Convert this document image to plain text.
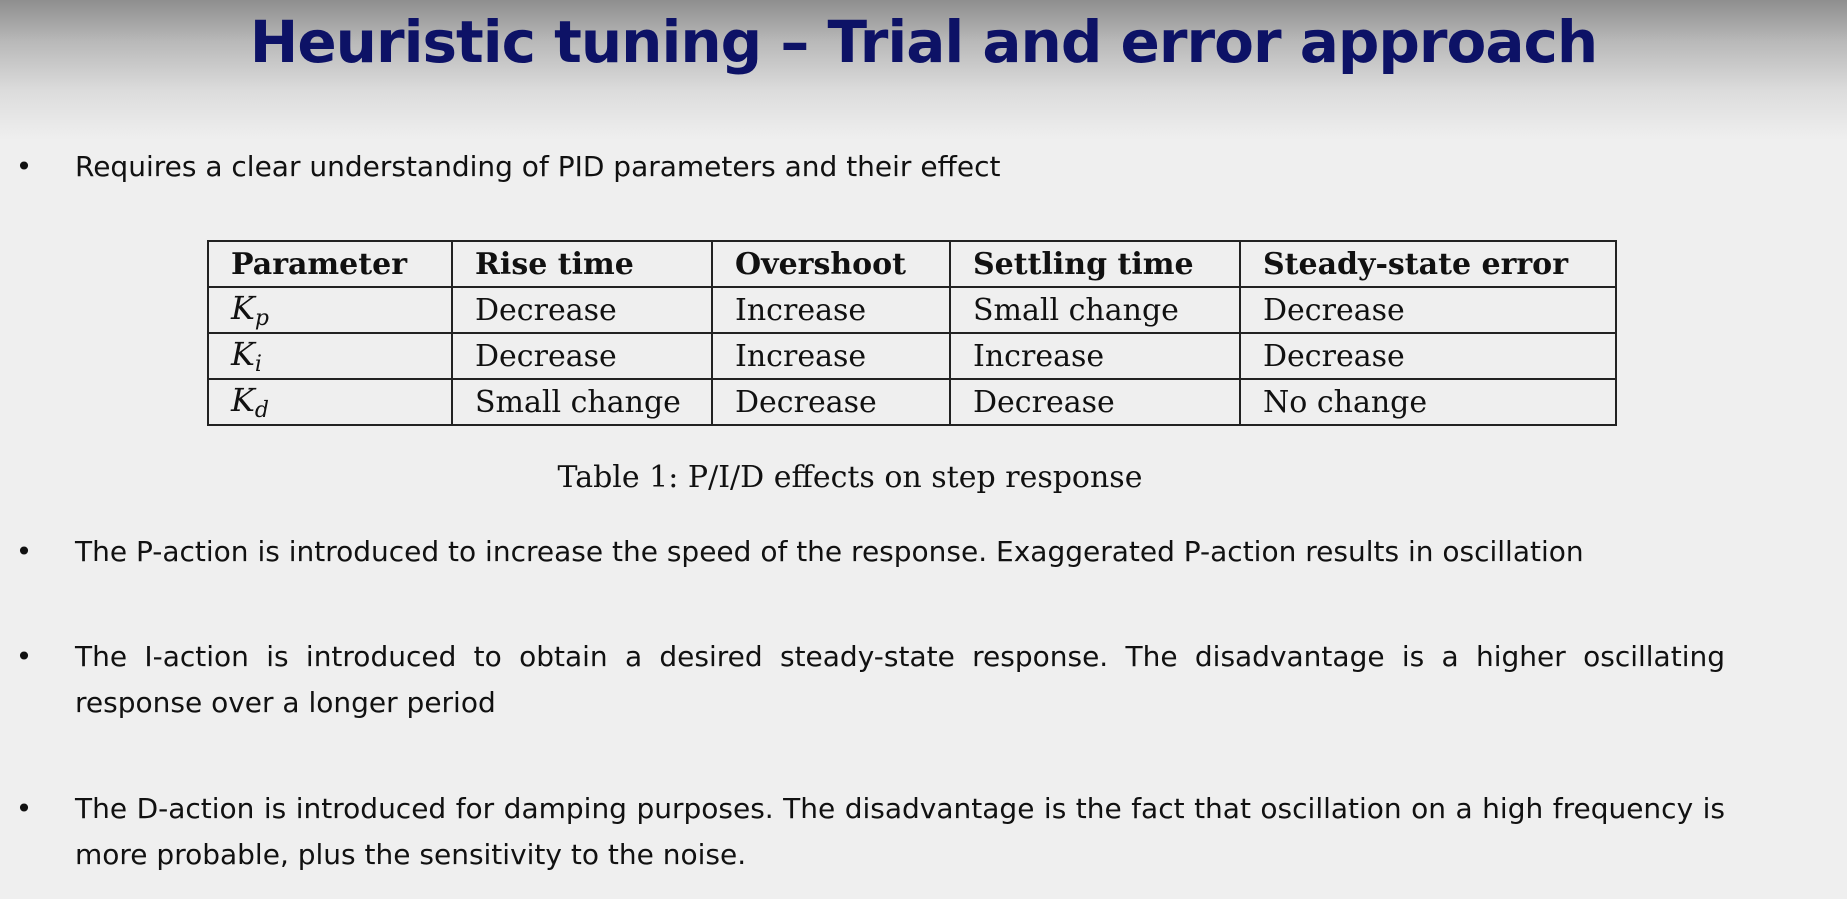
Heuristic tuning – Trial and error approach
• Requires a clear understanding of PID parameters and their effect
Parameter	Rise time	Overshoot	Settling time	Steady-state error
$K_p$	Decrease	Increase	Small change	Decrease
$K_i$	Decrease	Increase	Increase	Decrease
$K_d$	Small change	Decrease	Decrease	No change
Table 1: P/I/D effects on step response
• The P-action is introduced to increase the speed of the response. Exaggerated P-action results in oscillation
• The I-action is introduced to obtain a desired steady-state response. The disadvantage is a higher oscillating response over a longer period
• The D-action is introduced for damping purposes. The disadvantage is the fact that oscillation on a high frequency is more probable, plus the sensitivity to the noise.
